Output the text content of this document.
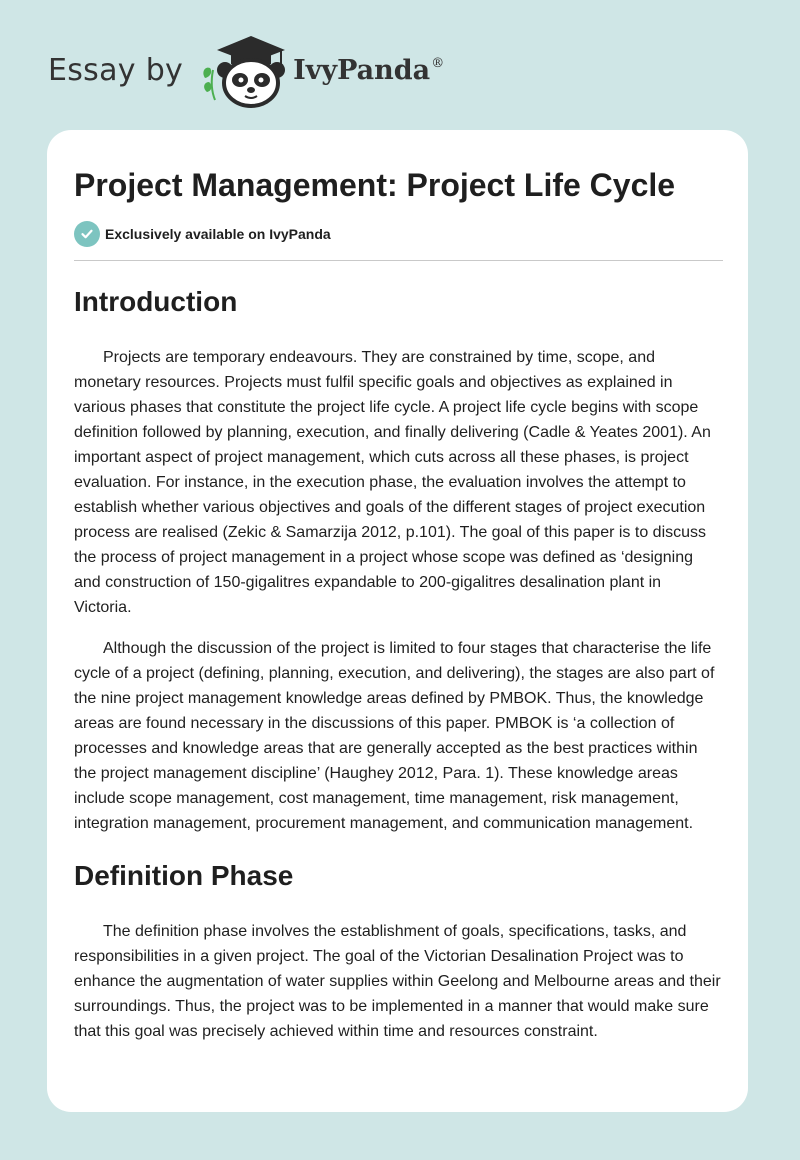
Essay by	IvyPanda®
Project Management: Project Life Cycle
Exclusively available on IvyPanda
Introduction

Projects are temporary endeavours. They are constrained by time, scope, and monetary resources. Projects must fulfil specific goals and objectives as explained in various phases that constitute the project life cycle. A project life cycle begins with scope definition followed by planning, execution, and finally delivering (Cadle & Yeates 2001). An important aspect of project management, which cuts across all these phases, is project evaluation. For instance, in the execution phase, the evaluation involves the attempt to establish whether various objectives and goals of the different stages of project execution process are realised (Zekic & Samarzija 2012, p.101). The goal of this paper is to discuss the process of project management in a project whose scope was defined as ‘designing and construction of 150-gigalitres expandable to 200-gigalitres desalination plant in Victoria.

Although the discussion of the project is limited to four stages that characterise the life cycle of a project (defining, planning, execution, and delivering), the stages are also part of the nine project management knowledge areas defined by PMBOK. Thus, the knowledge areas are found necessary in the discussions of this paper. PMBOK is ‘a collection of processes and knowledge areas that are generally accepted as the best practices within the project management discipline’ (Haughey 2012, Para. 1). These knowledge areas include scope management, cost management, time management, risk management, integration management, procurement management, and communication management.

Definition Phase

The definition phase involves the establishment of goals, specifications, tasks, and responsibilities in a given project. The goal of the Victorian Desalination Project was to enhance the augmentation of water supplies within Geelong and Melbourne areas and their surroundings. Thus, the project was to be implemented in a manner that would make sure that this goal was precisely achieved within time and resources constraint.
